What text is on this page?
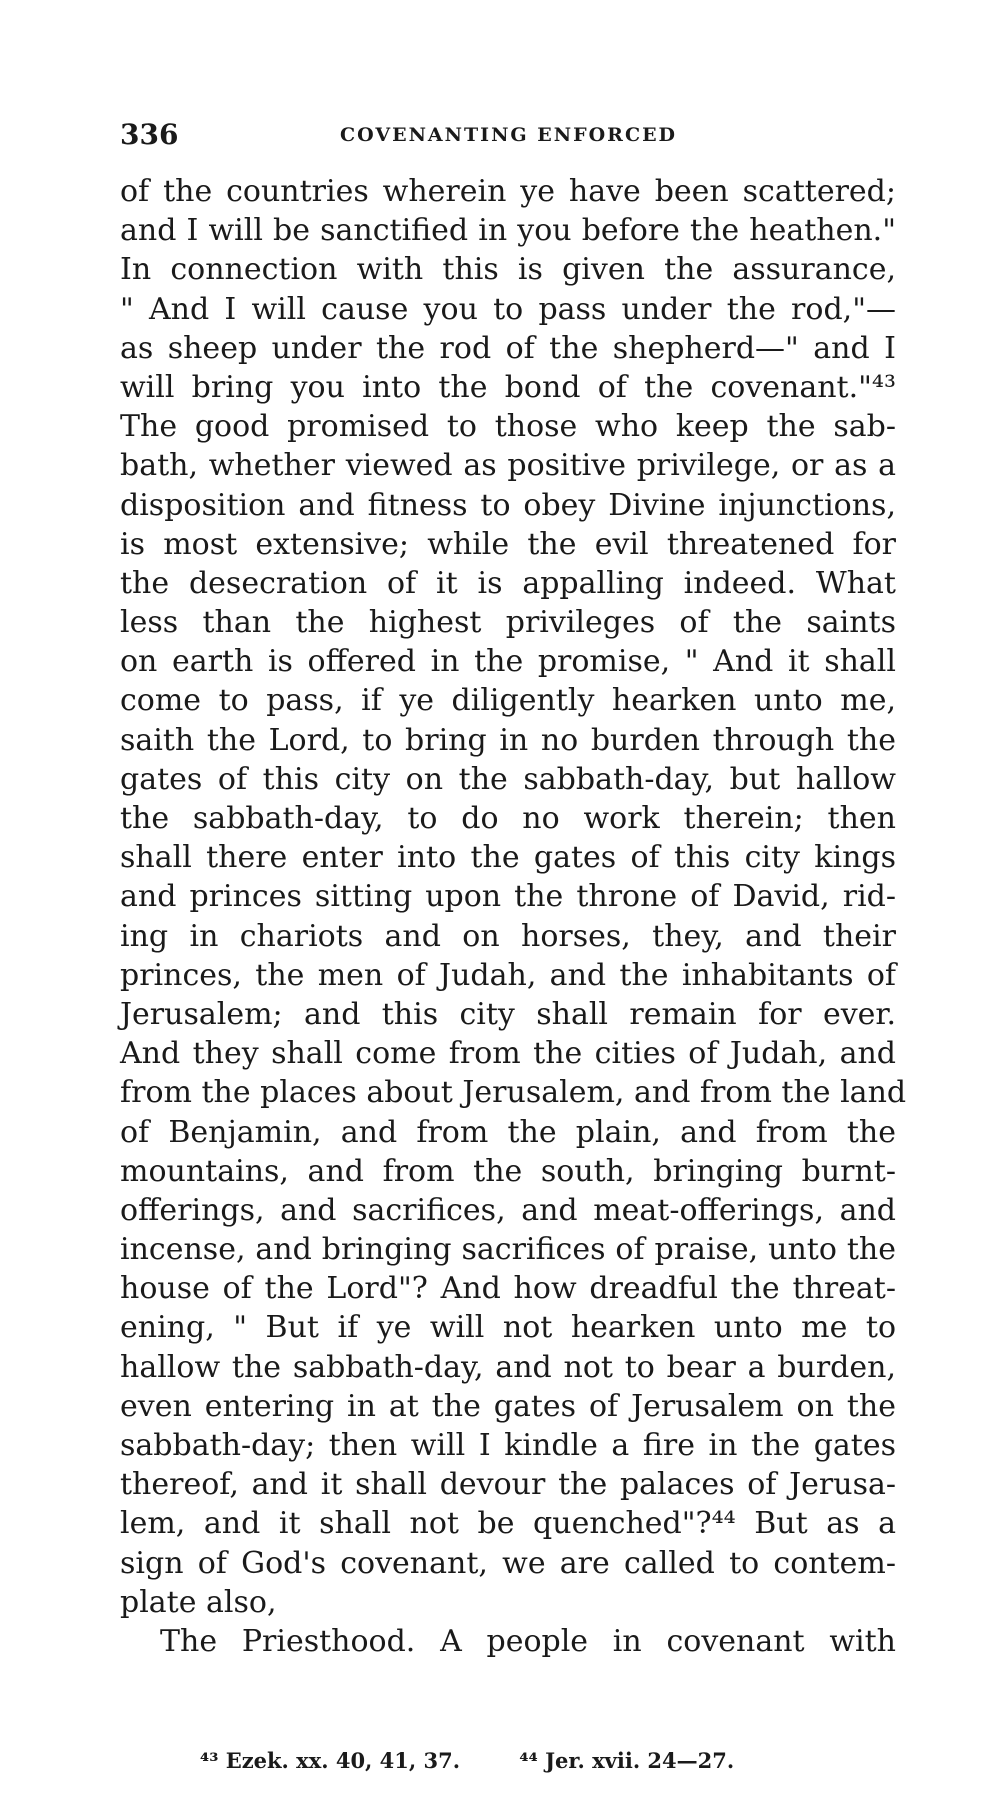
336	COVENANTING ENFORCED
of the countries wherein ye have been scattered;
and I will be sanctified in you before the heathen."
In connection with this is given the assurance,
" And I will cause you to pass under the rod,"—
as sheep under the rod of the shepherd—" and I
will bring you into the bond of the covenant."⁴³
The good promised to those who keep the sab-
bath, whether viewed as positive privilege, or as a
disposition and fitness to obey Divine injunctions,
is most extensive; while the evil threatened for
the desecration of it is appalling indeed. What
less than the highest privileges of the saints
on earth is offered in the promise, " And it shall
come to pass, if ye diligently hearken unto me,
saith the Lord, to bring in no burden through the
gates of this city on the sabbath-day, but hallow
the sabbath-day, to do no work therein; then
shall there enter into the gates of this city kings
and princes sitting upon the throne of David, rid-
ing in chariots and on horses, they, and their
princes, the men of Judah, and the inhabitants of
Jerusalem; and this city shall remain for ever.
And they shall come from the cities of Judah, and
from the places about Jerusalem, and from the land
of Benjamin, and from the plain, and from the
mountains, and from the south, bringing burnt-
offerings, and sacrifices, and meat-offerings, and
incense, and bringing sacrifices of praise, unto the
house of the Lord"? And how dreadful the threat-
ening, " But if ye will not hearken unto me to
hallow the sabbath-day, and not to bear a burden,
even entering in at the gates of Jerusalem on the
sabbath-day; then will I kindle a fire in the gates
thereof, and it shall devour the palaces of Jerusa-
lem, and it shall not be quenched"?⁴⁴ But as a
sign of God's covenant, we are called to contem-
plate also,
The Priesthood. A people in covenant with
⁴³ Ezek. xx. 40, 41, 37.	⁴⁴ Jer. xvii. 24—27.
